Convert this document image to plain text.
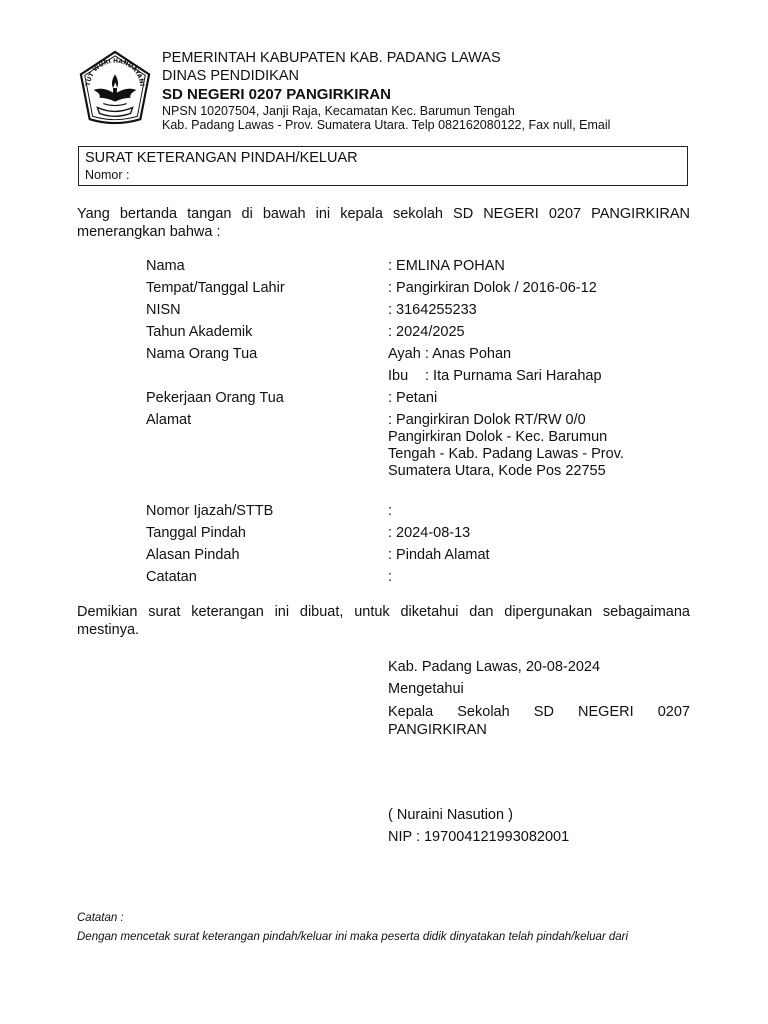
TUT WURI HANDAYANI
PEMERINTAH KABUPATEN KAB. PADANG LAWAS
DINAS PENDIDIKAN
SD NEGERI 0207 PANGIRKIRAN
NPSN 10207504, Janji Raja, Kecamatan Kec. Barumun Tengah
Kab. Padang Lawas - Prov. Sumatera Utara. Telp 082162080122, Fax null, Email
SURAT KETERANGAN PINDAH/KELUAR
Nomor :
Yang bertanda tangan di bawah ini kepala sekolah SD NEGERI 0207 PANGIRKIRAN menerangkan bahwa :
Nama	: EMLINA POHAN
Tempat/Tanggal Lahir	: Pangirkiran Dolok / 2016-06-12
NISN	: 3164255233
Tahun Akademik	: 2024/2025
Nama Orang Tua	Ayah : Anas Pohan
Ibu : Ita Purnama Sari Harahap
Pekerjaan Orang Tua	: Petani
Alamat	: Pangirkiran Dolok RT/RW 0/0 Pangirkiran Dolok - Kec. Barumun Tengah - Kab. Padang Lawas - Prov. Sumatera Utara, Kode Pos 22755
Nomor Ijazah/STTB	:
Tanggal Pindah	: 2024-08-13
Alasan Pindah	: Pindah Alamat
Catatan	:
Demikian surat keterangan ini dibuat, untuk diketahui dan dipergunakan sebagaimana mestinya.
Kab. Padang Lawas, 20-08-2024
Mengetahui
Kepala Sekolah SD NEGERI 0207 PANGIRKIRAN
( Nuraini Nasution )
NIP : 197004121993082001
Catatan :
Dengan mencetak surat keterangan pindah/keluar ini maka peserta didik dinyatakan telah pindah/keluar dari
